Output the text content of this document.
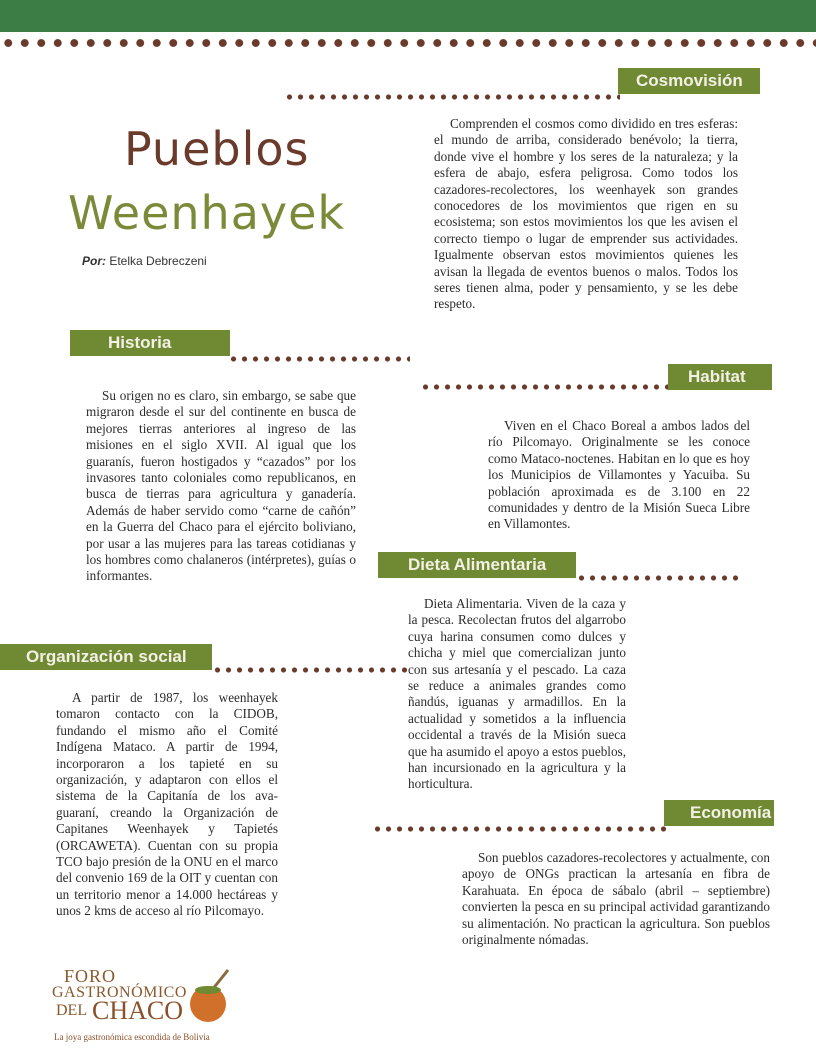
Pueblos
Weenhayek
Por: Etelka Debreczeni
Cosmovisión

Comprenden el cosmos como dividido en tres esferas: el mundo de arriba, considerado benévolo; la tierra, donde vive el hombre y los seres de la naturaleza; y la esfera de abajo, esfera peligrosa. Como todos los cazadores-recolectores, los weenhayek son grandes conocedores de los movimientos que rigen en su ecosistema; son estos movimientos los que les avisen el correcto tiempo o lugar de emprender sus actividades. Igualmente observan estos movimientos quienes les avisan la llegada de eventos buenos o malos. Todos los seres tienen alma, poder y pensamiento, y se les debe respeto.

Historia

Su origen no es claro, sin embargo, se sabe que migraron desde el sur del continente en busca de mejores tierras anteriores al ingreso de las misiones en el siglo XVII. Al igual que los guaranís, fueron hostigados y “cazados” por los invasores tanto coloniales como republicanos, en busca de tierras para agricultura y ganadería. Además de haber servido como “carne de cañón” en la Guerra del Chaco para el ejército boliviano, por usar a las mujeres para las tareas cotidianas y los hombres como chalaneros (intérpretes), guías o informantes.

Habitat

Viven en el Chaco Boreal a ambos lados del río Pilcomayo. Originalmente se les conoce como Mataco-noctenes. Habitan en lo que es hoy los Municipios de Villamontes y Yacuiba. Su población aproximada es de 3.100 en 22 comunidades y dentro de la Misión Sueca Libre en Villamontes.

Dieta Alimentaria

Dieta Alimentaria. Viven de la caza y la pesca. Recolectan frutos del algarrobo cuya harina consumen como dulces y chicha y miel que comercializan junto con sus artesanía y el pescado. La caza se reduce a animales grandes como ñandús, iguanas y armadillos. En la actualidad y sometidos a la influencia occidental a través de la Misión sueca que ha asumido el apoyo a estos pueblos, han incursionado en la agricultura y la horticultura.

Organización social

A partir de 1987, los weenhayek tomaron contacto con la CIDOB, fundando el mismo año el Comité Indígena Mataco. A partir de 1994, incorporaron a los tapieté en su organización, y adaptaron con ellos el sistema de la Capitanía de los ava-guaraní, creando la Organización de Capitanes Weenhayek y Tapietés (ORCAWETA). Cuentan con su propia TCO bajo presión de la ONU en el marco del convenio 169 de la OIT y cuentan con un territorio menor a 14.000 hectáreas y unos 2 kms de acceso al río Pilcomayo.

Economía

Son pueblos cazadores-recolectores y actualmente, con apoyo de ONGs practican la artesanía en fibra de Karahuata. En época de sábalo (abril – septiembre) convierten la pesca en su principal actividad garantizando su alimentación. No practican la agricultura. Son pueblos originalmente nómadas.

FORO
GASTRONÓMICO
DEL CHACO
La joya gastronómica escondida de Bolivia
